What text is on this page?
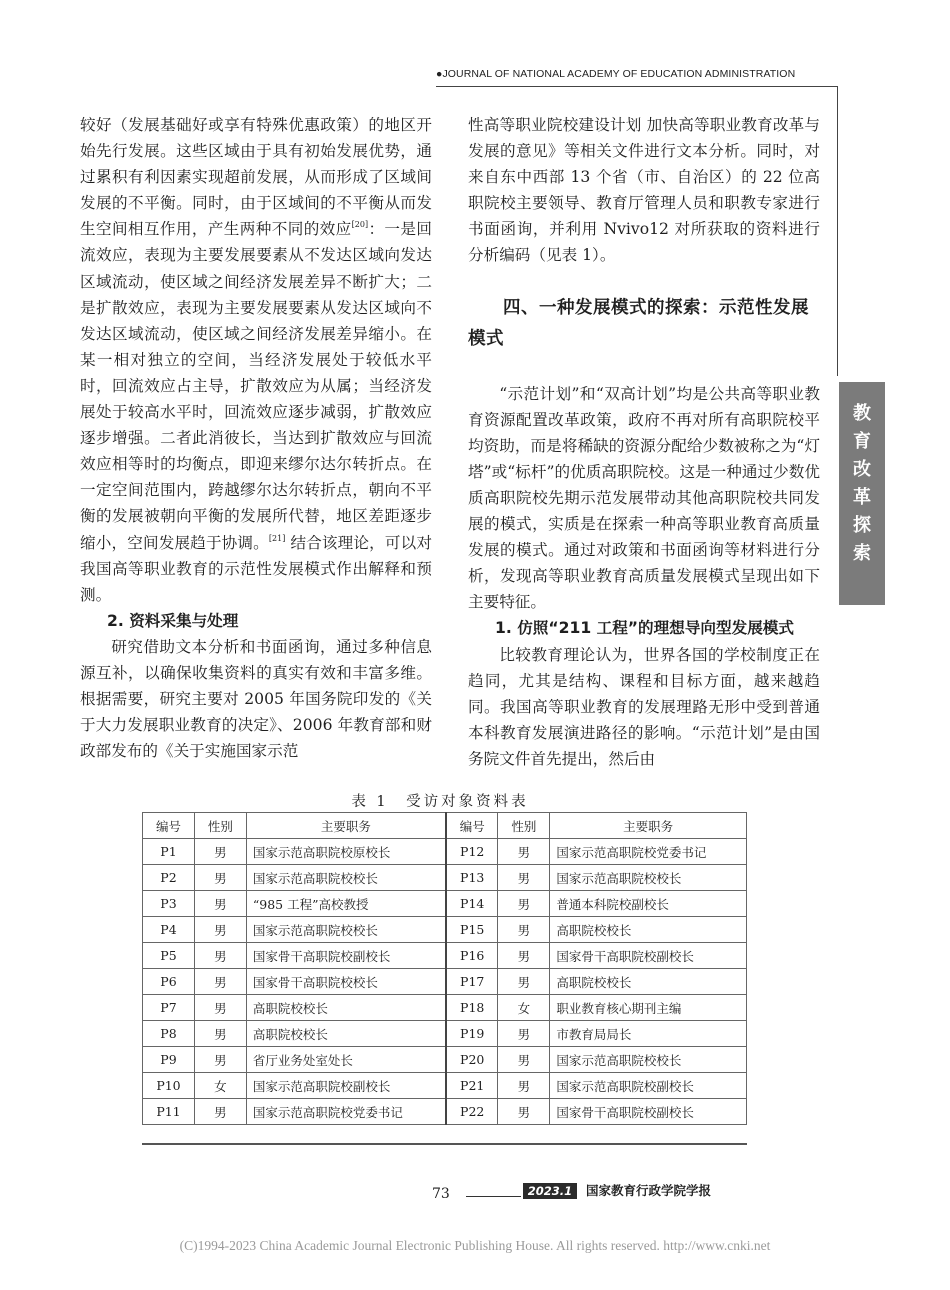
●JOURNAL OF NATIONAL ACADEMY OF EDUCATION ADMINISTRATION

较好（发展基础好或享有特殊优惠政策）的地区开始先行发展。这些区域由于具有初始发展优势，通过累积有利因素实现超前发展，从而形成了区域间发展的不平衡。同时，由于区域间的不平衡从而发生空间相互作用，产生两种不同的效应[20]：一是回流效应，表现为主要发展要素从不发达区域向发达区域流动，使区域之间经济发展差异不断扩大；二是扩散效应，表现为主要发展要素从发达区域向不发达区域流动，使区域之间经济发展差异缩小。在某一相对独立的空间，当经济发展处于较低水平时，回流效应占主导，扩散效应为从属；当经济发展处于较高水平时，回流效应逐步减弱，扩散效应逐步增强。二者此消彼长，当达到扩散效应与回流效应相等时的均衡点，即迎来缪尔达尔转折点。在一定空间范围内，跨越缪尔达尔转折点，朝向不平衡的发展被朝向平衡的发展所代替，地区差距逐步缩小，空间发展趋于协调。[21] 结合该理论，可以对我国高等职业教育的示范性发展模式作出解释和预测。

2. 资料采集与处理

研究借助文本分析和书面函询，通过多种信息源互补，以确保收集资料的真实有效和丰富多维。根据需要，研究主要对 2005 年国务院印发的《关于大力发展职业教育的决定》、2006 年教育部和财政部发布的《关于实施国家示范

性高等职业院校建设计划 加快高等职业教育改革与发展的意见》等相关文件进行文本分析。同时，对来自东中西部 13 个省（市、自治区）的 22 位高职院校主要领导、教育厅管理人员和职教专家进行书面函询，并利用 Nvivo12 对所获取的资料进行分析编码（见表 1）。

四、一种发展模式的探索：示范性发展模式

“示范计划”和“双高计划”均是公共高等职业教育资源配置改革政策，政府不再对所有高职院校平均资助，而是将稀缺的资源分配给少数被称之为“灯塔”或“标杆”的优质高职院校。这是一种通过少数优质高职院校先期示范发展带动其他高职院校共同发展的模式，实质是在探索一种高等职业教育高质量发展的模式。通过对政策和书面函询等材料进行分析，发现高等职业教育高质量发展模式呈现出如下主要特征。

1. 仿照“211 工程”的理想导向型发展模式

比较教育理论认为，世界各国的学校制度正在趋同，尤其是结构、课程和目标方面，越来越趋同。我国高等职业教育的发展理路无形中受到普通本科教育发展演进路径的影响。“示范计划”是由国务院文件首先提出，然后由

教
育
改
革
探
索
表 1　受访对象资料表
编号	性别	主要职务	编号	性别	主要职务
P1	男	国家示范高职院校原校长	P12	男	国家示范高职院校党委书记
P2	男	国家示范高职院校校长	P13	男	国家示范高职院校校长
P3	男	“985 工程”高校教授	P14	男	普通本科院校副校长
P4	男	国家示范高职院校校长	P15	男	高职院校校长
P5	男	国家骨干高职院校副校长	P16	男	国家骨干高职院校副校长
P6	男	国家骨干高职院校校长	P17	男	高职院校校长
P7	男	高职院校校长	P18	女	职业教育核心期刊主编
P8	男	高职院校校长	P19	男	市教育局局长
P9	男	省厅业务处室处长	P20	男	国家示范高职院校校长
P10	女	国家示范高职院校副校长	P21	男	国家示范高职院校副校长
P11	男	国家示范高职院校党委书记	P22	男	国家骨干高职院校副校长
73	2023.1	国家教育行政学院学报
(C)1994-2023 China Academic Journal Electronic Publishing House. All rights reserved. http://www.cnki.net
